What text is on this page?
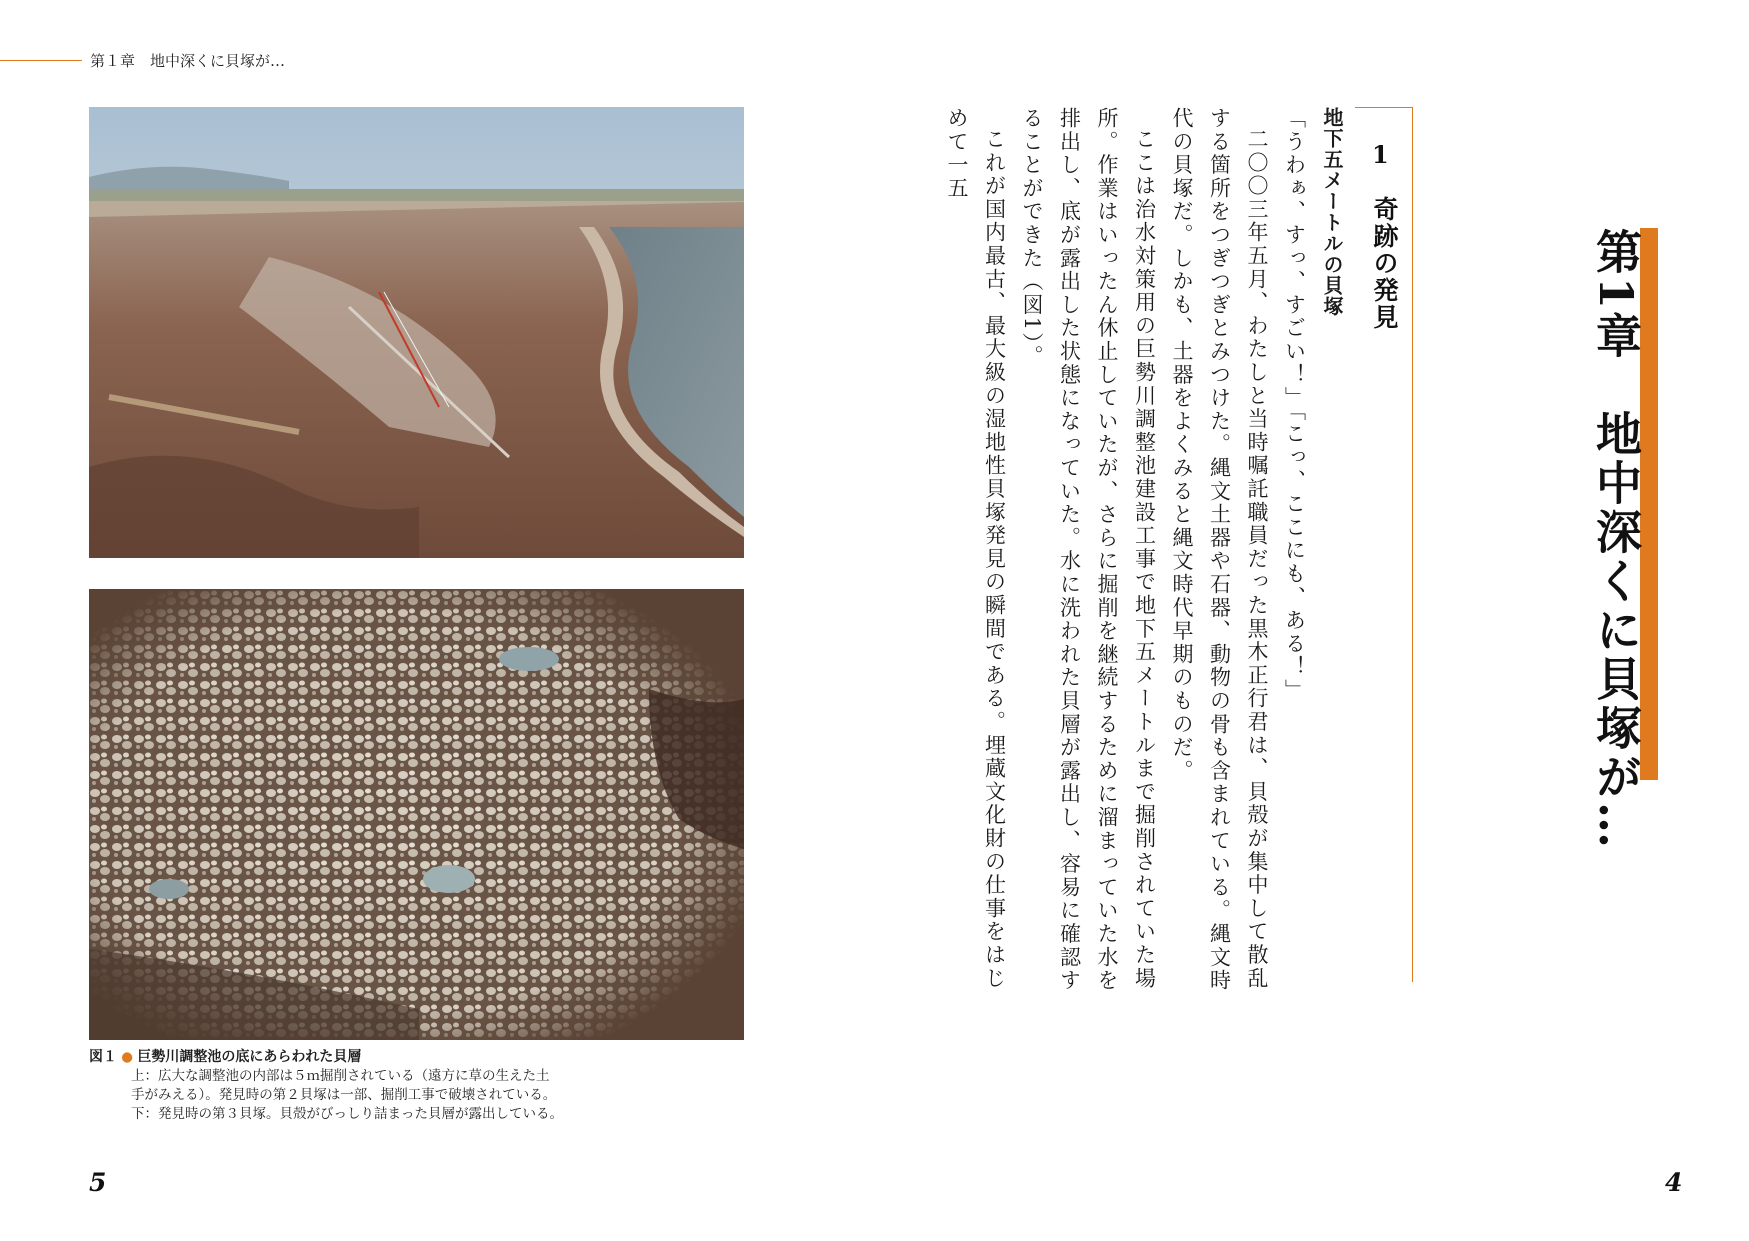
第１章　地中深くに貝塚が…
図１ ● 巨勢川調整池の底にあらわれた貝層
上：広大な調整池の内部は５ｍ掘削されている（遠方に草の生えた土
手がみえる）。発見時の第２貝塚は一部、掘削工事で破壊されている。
下：発見時の第３貝塚。貝殻がびっしり詰まった貝層が露出している。
5
第1章　地中深くに貝塚が…
1
奇跡の発見

地下五メートルの貝塚

「うわぁ、すっ、すごい！」「こっ、ここにも、ある！」

二〇〇三年五月、わたしと当時嘱託職員だった黒木正行君は、貝殻が集中して散乱する箇所をつぎつぎとみつけた。縄文土器や石器、動物の骨も含まれている。縄文時代の貝塚だ。しかも、土器をよくみると縄文時代早期のものだ。

ここは治水対策用の巨勢川調整池建設工事で地下五メートルまで掘削されていた場所。作業はいったん休止していたが、さらに掘削を継続するために溜まっていた水を排出し、底が露出した状態になっていた。水に洗われた貝層が露出し、容易に確認することができた（図1）。

これが国内最古、最大級の湿地性貝塚発見の瞬間である。埋蔵文化財の仕事をはじめて一五

4
